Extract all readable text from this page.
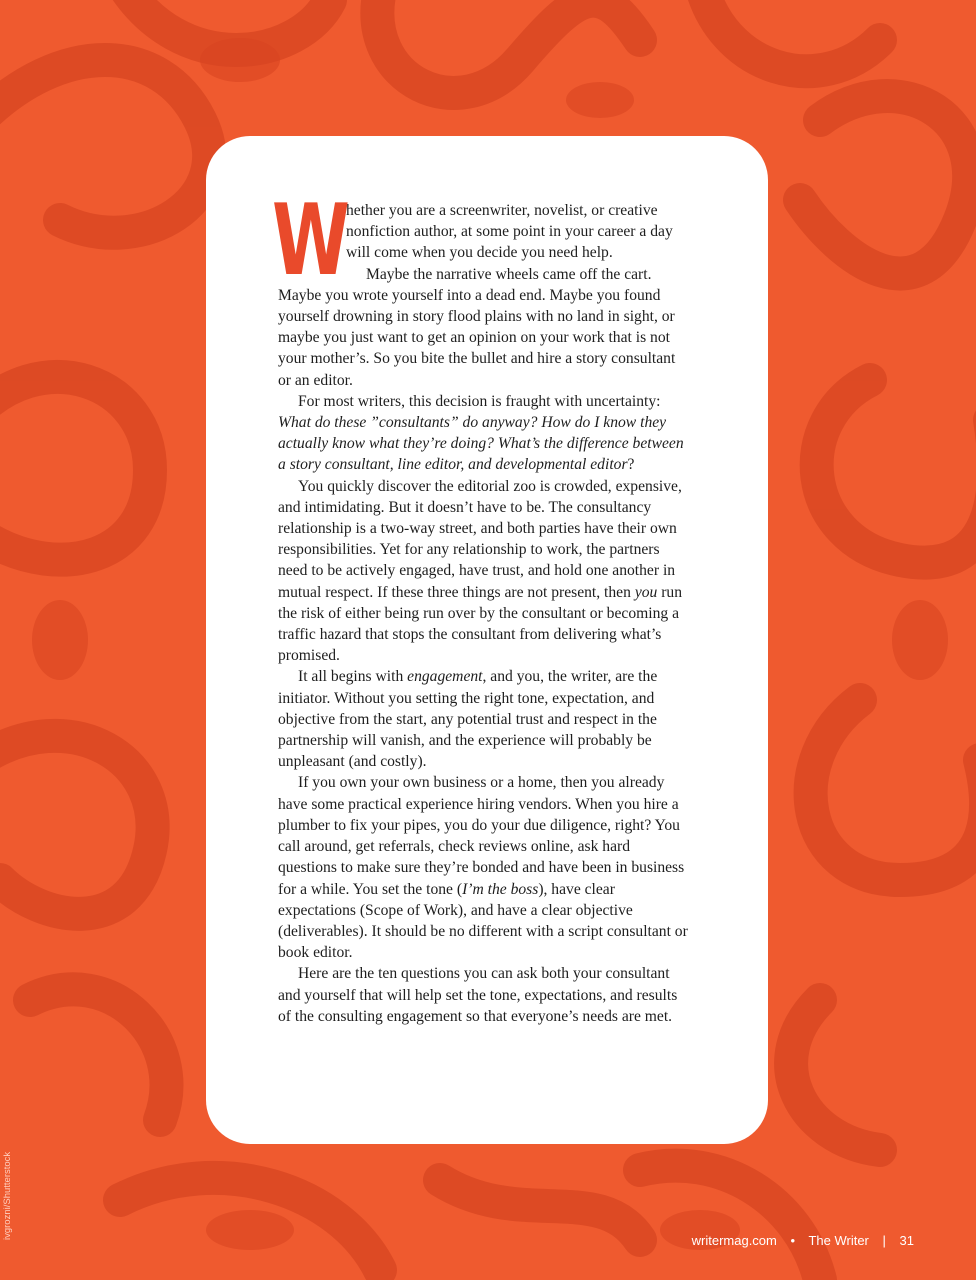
W
hether you are a screenwriter, novelist, or creative nonfiction author, at some point in your career a day will come when you decide you need help.

Maybe the narrative wheels came off the cart. Maybe you wrote yourself into a dead end. Maybe you found yourself drowning in story flood plains with no land in sight, or maybe you just want to get an opinion on your work that is not your mother’s. So you bite the bullet and hire a story consultant or an editor.

For most writers, this decision is fraught with uncertainty: What do these ”consultants” do anyway? How do I know they actually know what they’re doing? What’s the difference between a story consultant, line editor, and developmental editor?

You quickly discover the editorial zoo is crowded, expensive, and intimidating. But it doesn’t have to be. The consultancy relationship is a two-way street, and both parties have their own responsibilities. Yet for any relationship to work, the partners need to be actively engaged, have trust, and hold one another in mutual respect. If these three things are not present, then you run the risk of either being run over by the consultant or becoming a traffic hazard that stops the consultant from delivering what’s promised.

It all begins with engagement, and you, the writer, are the initiator. Without you setting the right tone, expectation, and objective from the start, any potential trust and respect in the partnership will vanish, and the experience will probably be unpleasant (and costly).

If you own your own business or a home, then you already have some practical experience hiring vendors. When you hire a plumber to fix your pipes, you do your due diligence, right? You call around, get referrals, check reviews online, ask hard questions to make sure they’re bonded and have been in business for a while. You set the tone (I’m the boss), have clear expectations (Scope of Work), and have a clear objective (deliverables). It should be no different with a script consultant or book editor.

Here are the ten questions you can ask both your consultant and yourself that will help set the tone, expectations, and results of the consulting engagement so that everyone’s needs are met.

ivgrozni/Shutterstock
writermag.com • The Writer | 31
